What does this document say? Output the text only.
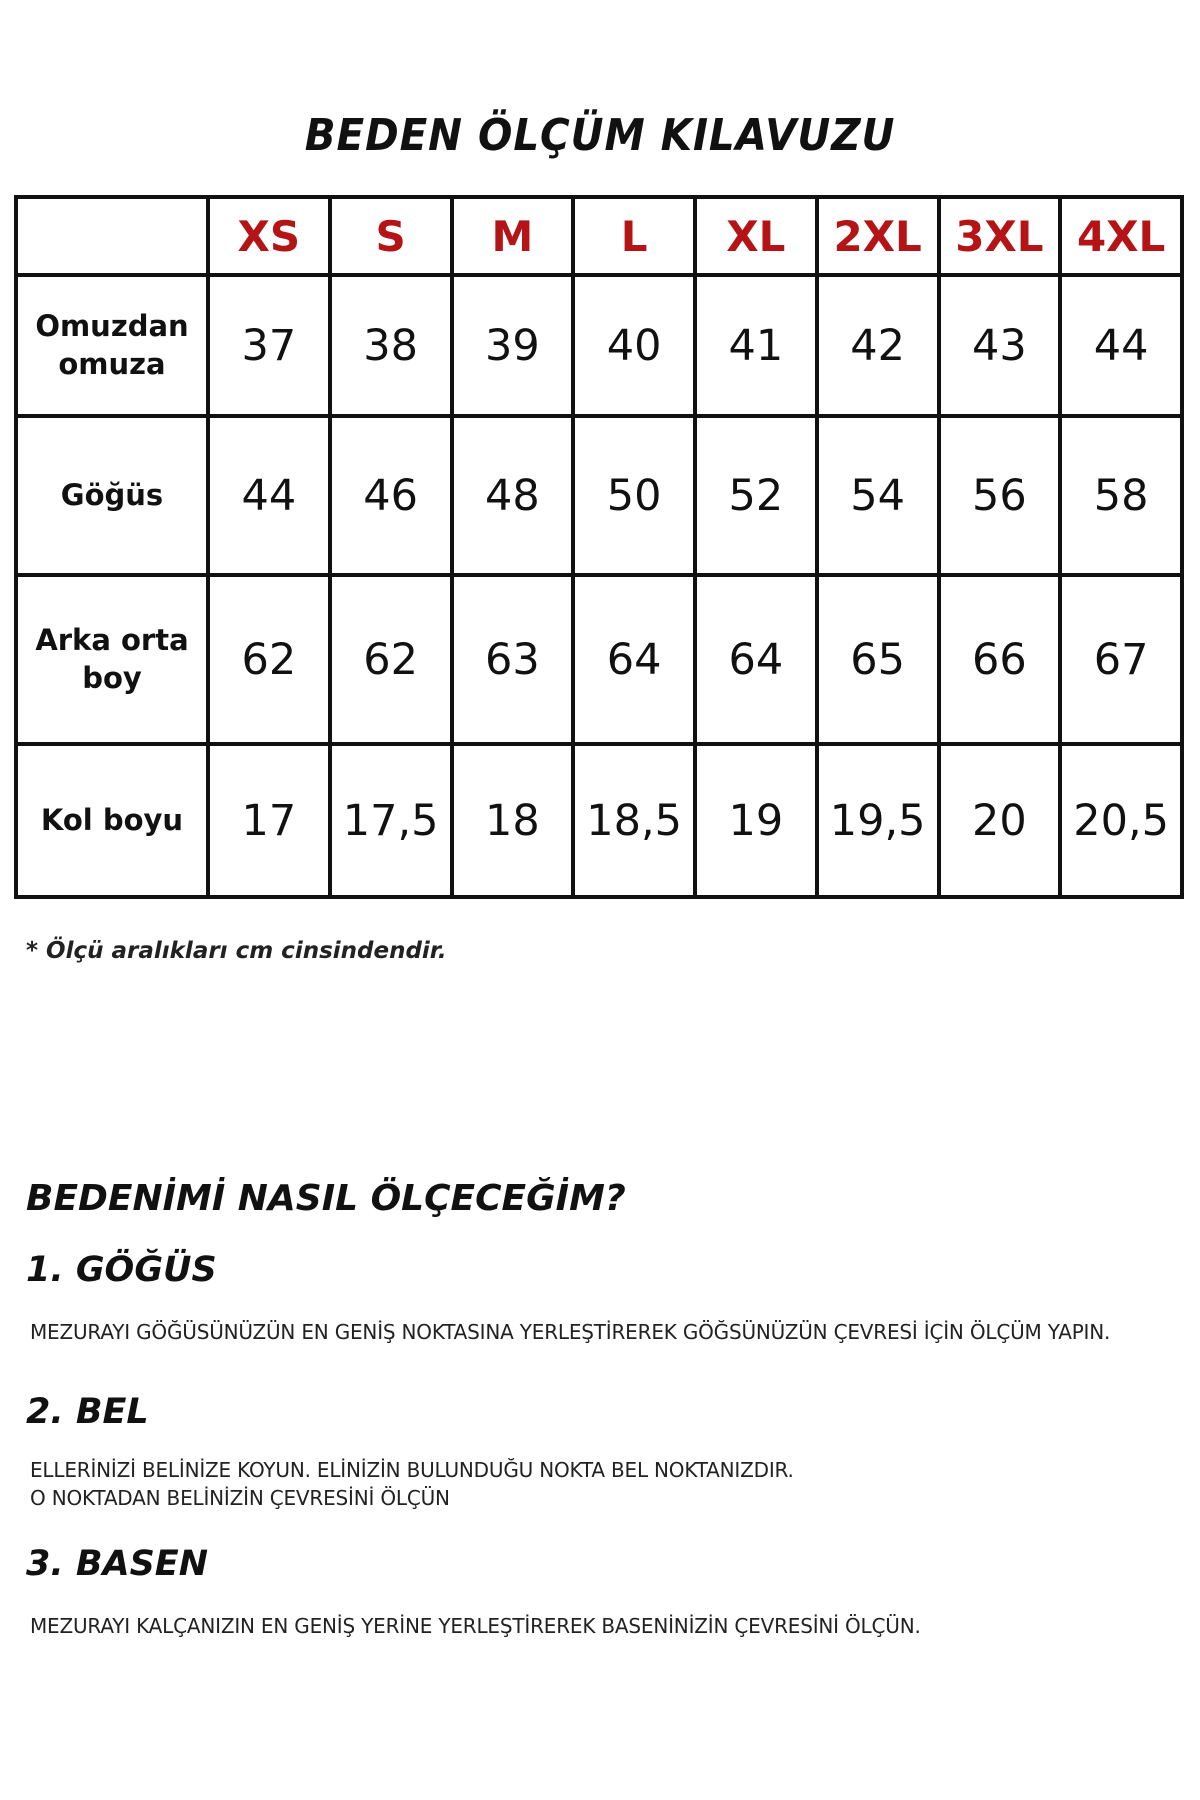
BEDEN ÖLÇÜM KILAVUZU
	XS	S	M	L	XL	2XL	3XL	4XL
Omuzdan omuza	37	38	39	40	41	42	43	44
Göğüs	44	46	48	50	52	54	56	58
Arka orta boy	62	62	63	64	64	65	66	67
Kol boyu	17	17,5	18	18,5	19	19,5	20	20,5
* Ölçü aralıkları cm cinsindendir.
BEDENİMİ NASIL ÖLÇECEĞİM?
1. GÖĞÜS
MEZURAYI GÖĞÜSÜNÜZÜN EN GENİŞ NOKTASINA YERLEŞTİREREK GÖĞSÜNÜZÜN ÇEVRESİ İÇİN ÖLÇÜM YAPIN.
2. BEL
ELLERİNİZİ BELİNİZE KOYUN. ELİNİZİN BULUNDUĞU NOKTA BEL NOKTANIZDIR.
O NOKTADAN BELİNİZİN ÇEVRESİNİ ÖLÇÜN
3. BASEN
MEZURAYI KALÇANIZIN EN GENİŞ YERİNE YERLEŞTİREREK BASENİNİZİN ÇEVRESİNİ ÖLÇÜN.
